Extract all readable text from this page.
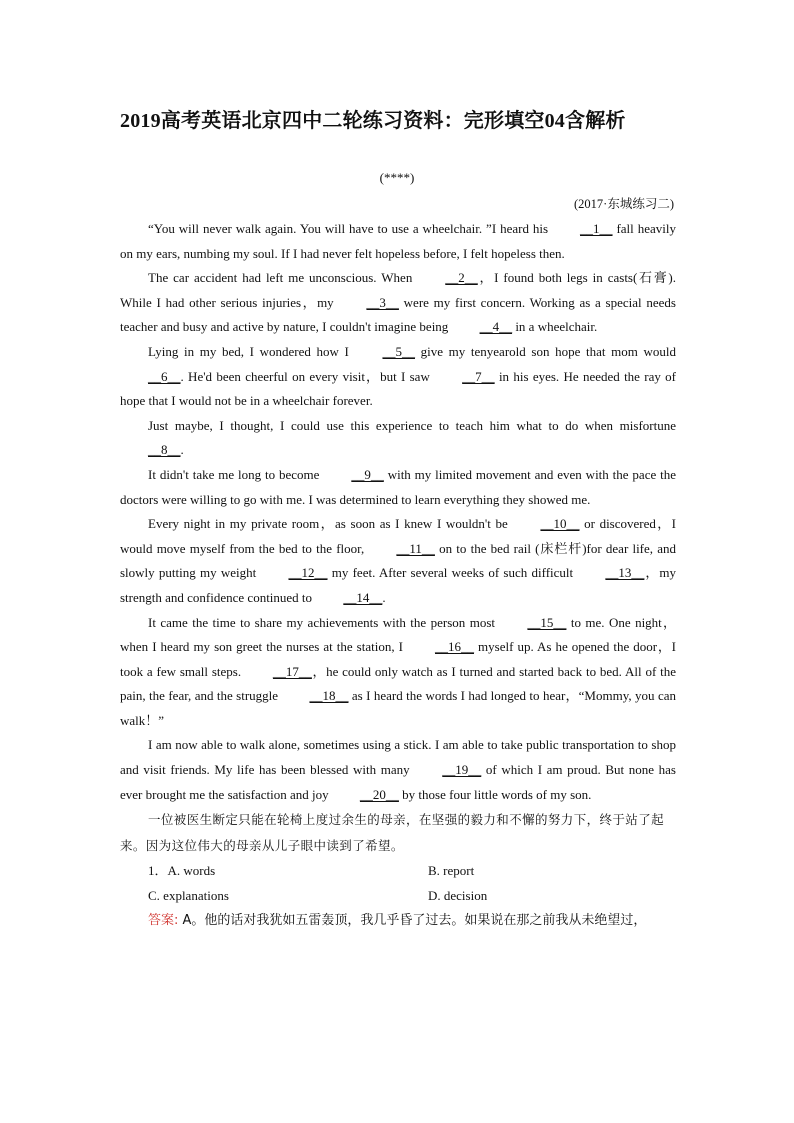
2019高考英语北京四中二轮练习资料：完形填空04含解析
(****)
(2017·东城练习二)

“You will never walk again. You will have to use a wheelchair. ”I heard his __1__ fall heavily on my ears, numbing my soul. If I had never felt hopeless before, I felt hopeless then.

The car accident had left me unconscious. When __2__，I found both legs in casts(石膏). While I had other serious injuries，my __3__ were my first concern. Working as a special needs teacher and busy and active by nature, I couldn't imagine being __4__ in a wheelchair.

Lying in my bed, I wondered how I __5__ give my tenyearold son hope that mom would __6__. He'd been cheerful on every visit，but I saw __7__ in his eyes. He needed the ray of hope that I would not be in a wheelchair forever.

Just maybe, I thought, I could use this experience to teach him what to do when misfortune __8__.

It didn't take me long to become __9__ with my limited movement and even with the pace the doctors were willing to go with me. I was determined to learn everything they showed me.

Every night in my private room，as soon as I knew I wouldn't be __10__ or discovered，I would move myself from the bed to the floor, __11__ on to the bed rail (床栏杆)for dear life, and slowly putting my weight __12__ my feet. After several weeks of such difficult __13__，my strength and confidence continued to __14__.

It came the time to share my achievements with the person most __15__ to me. One night，when I heard my son greet the nurses at the station, I __16__ myself up. As he opened the door，I took a few small steps. __17__，he could only watch as I turned and started back to bed. All of the pain, the fear, and the struggle __18__ as I heard the words I had longed to hear，“Mommy, you can walk！”

I am now able to walk alone, sometimes using a stick. I am able to take public transportation to shop and visit friends. My life has been blessed with many __19__ of which I am proud. But none has ever brought me the satisfaction and joy __20__ by those four little words of my son.

一位被医生断定只能在轮椅上度过余生的母亲，在坚强的毅力和不懈的努力下，终于站了起来。因为这位伟大的母亲从儿子眼中读到了希望。

1．A. words	B. report
C. explanations	D. decision

答案: A。他的话对我犹如五雷轰顶，我几乎昏了过去。如果说在那之前我从未绝望过，
